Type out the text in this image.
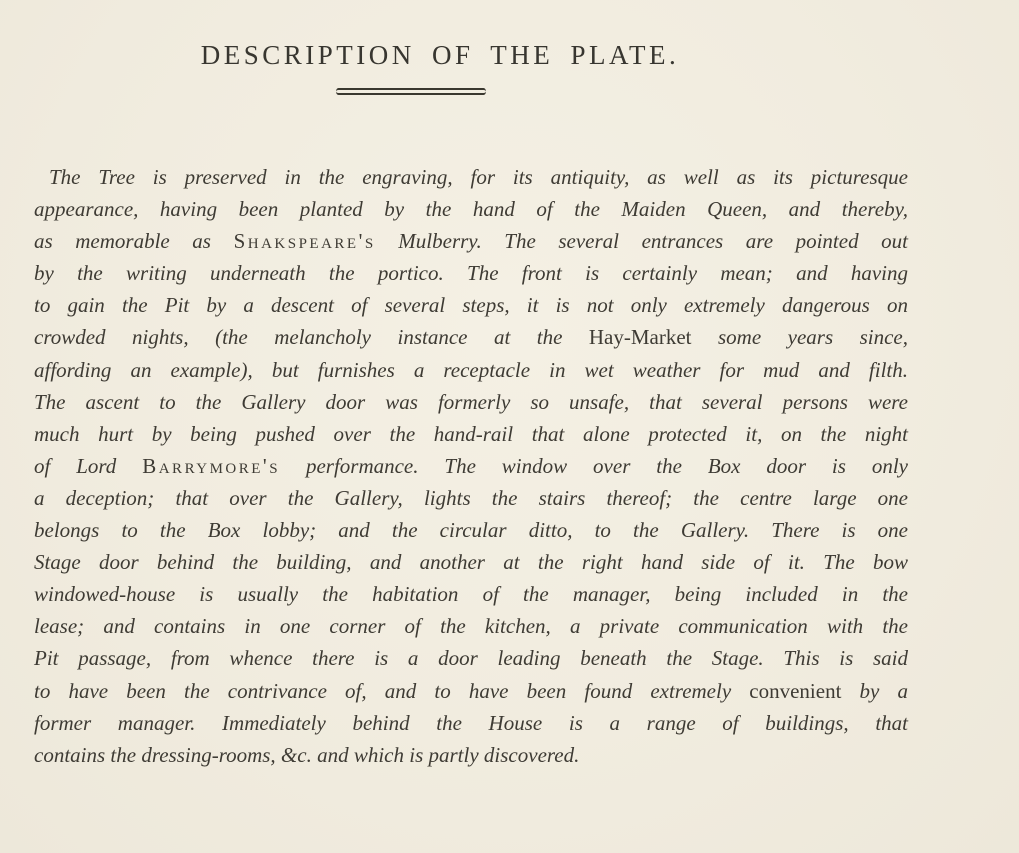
DESCRIPTION OF THE PLATE.
The Tree is preserved in the engraving, for its antiquity, as well as its picturesque
appearance, having been planted by the hand of the Maiden Queen, and thereby,
as memorable as Shakspeare's Mulberry. The several entrances are pointed out
by the writing underneath the portico. The front is certainly mean; and having
to gain the Pit by a descent of several steps, it is not only extremely dangerous on
crowded nights, (the melancholy instance at the Hay-Market some years since,
affording an example), but furnishes a receptacle in wet weather for mud and filth.
The ascent to the Gallery door was formerly so unsafe, that several persons were
much hurt by being pushed over the hand-rail that alone protected it, on the night
of Lord Barrymore's performance. The window over the Box door is only
a deception; that over the Gallery, lights the stairs thereof; the centre large one
belongs to the Box lobby; and the circular ditto, to the Gallery. There is one
Stage door behind the building, and another at the right hand side of it. The bow
windowed-house is usually the habitation of the manager, being included in the
lease; and contains in one corner of the kitchen, a private communication with the
Pit passage, from whence there is a door leading beneath the Stage. This is said
to have been the contrivance of, and to have been found extremely convenient by a
former manager. Immediately behind the House is a range of buildings, that
contains the dressing-rooms, &c. and which is partly discovered.
